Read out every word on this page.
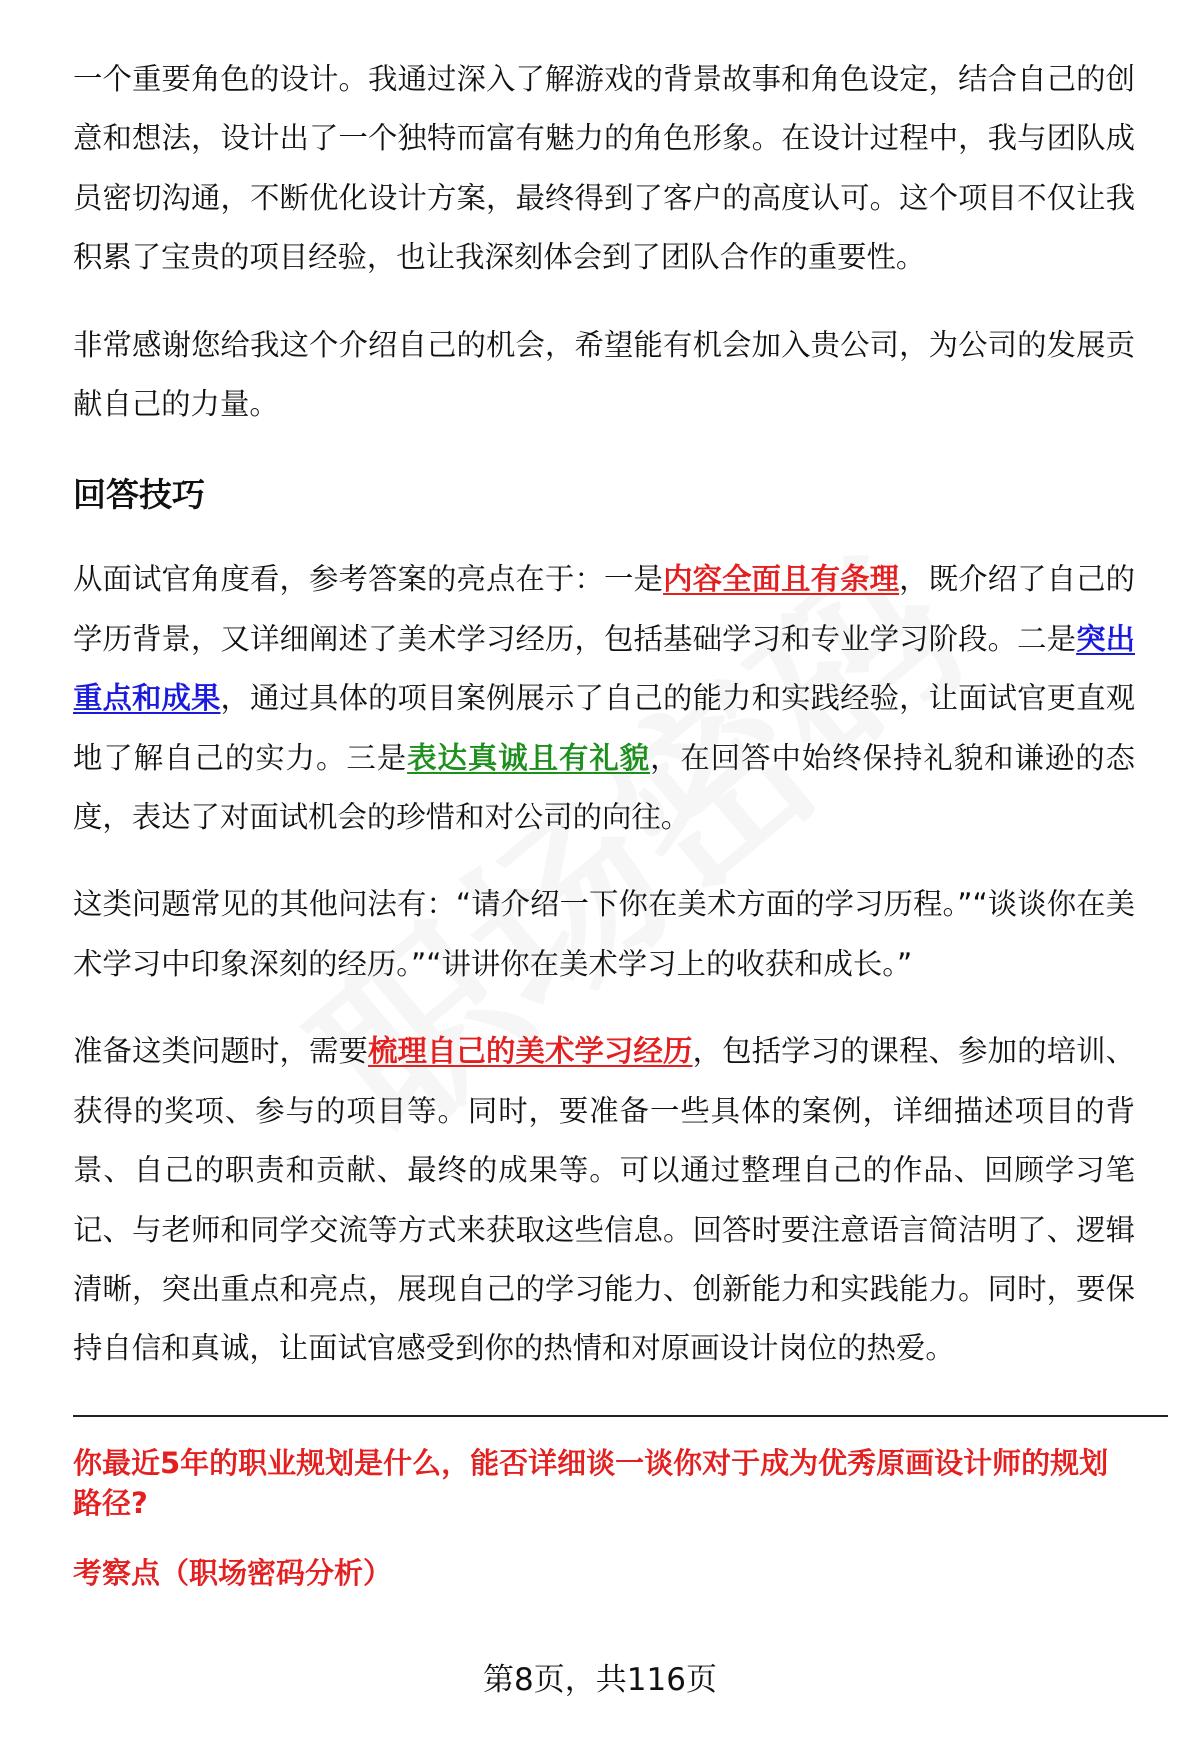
一个重要角色的设计。我通过深入了解游戏的背景故事和角色设定，结合自己的创意和想法，设计出了一个独特而富有魅力的角色形象。在设计过程中，我与团队成员密切沟通，不断优化设计方案，最终得到了客户的高度认可。这个项目不仅让我积累了宝贵的项目经验，也让我深刻体会到了团队合作的重要性。

非常感谢您给我这个介绍自己的机会，希望能有机会加入贵公司，为公司的发展贡献自己的力量。

回答技巧

从面试官角度看，参考答案的亮点在于：一是内容全面且有条理，既介绍了自己的学历背景，又详细阐述了美术学习经历，包括基础学习和专业学习阶段。二是突出重点和成果，通过具体的项目案例展示了自己的能力和实践经验，让面试官更直观地了解自己的实力。三是表达真诚且有礼貌，在回答中始终保持礼貌和谦逊的态度，表达了对面试机会的珍惜和对公司的向往。

这类问题常见的其他问法有：“请介绍一下你在美术方面的学习历程。”“谈谈你在美术学习中印象深刻的经历。”“讲讲你在美术学习上的收获和成长。”

准备这类问题时，需要梳理自己的美术学习经历，包括学习的课程、参加的培训、获得的奖项、参与的项目等。同时，要准备一些具体的案例，详细描述项目的背景、自己的职责和贡献、最终的成果等。可以通过整理自己的作品、回顾学习笔记、与老师和同学交流等方式来获取这些信息。回答时要注意语言简洁明了、逻辑清晰，突出重点和亮点，展现自己的学习能力、创新能力和实践能力。同时，要保持自信和真诚，让面试官感受到你的热情和对原画设计岗位的热爱。

你最近5年的职业规划是什么，能否详细谈一谈你对于成为优秀原画设计师的规划路径?
考察点（职场密码分析）
第8页，共116页
